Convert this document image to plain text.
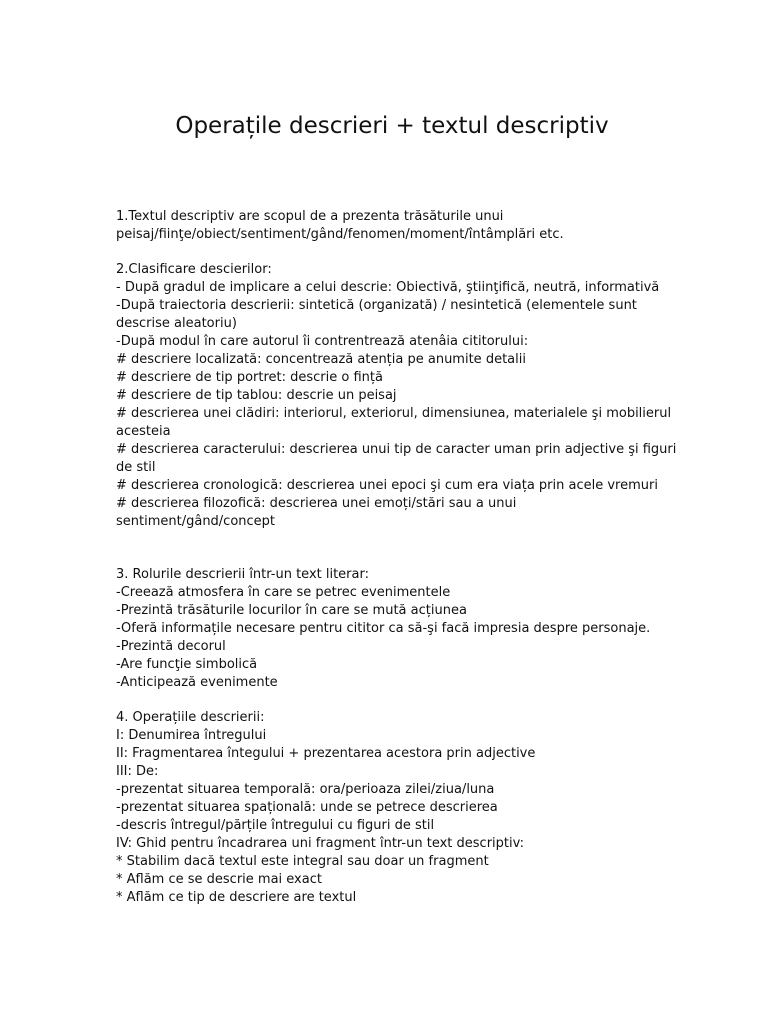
Operațile descrieri + textul descriptiv
1.Textul descriptiv are scopul de a prezenta trăsăturile unui
peisaj/fiinţe/obiect/sentiment/gând/fenomen/moment/întâmplări etc.
2.Clasificare descierilor:
- După gradul de implicare a celui descrie: Obiectivă, ştiinţifică, neutră, informativă
-După traiectoria descrierii: sintetică (organizată) / nesintetică (elementele sunt
descrise aleatoriu)
-După modul în care autorul îi contrentrează atenâia cititorului:
# descriere localizată: concentrează atenția pe anumite detalii
# descriere de tip portret: descrie o fință
# descriere de tip tablou: descrie un peisaj
# descrierea unei clădiri: interiorul, exteriorul, dimensiunea, materialele şi mobilierul
acesteia
# descrierea caracterului: descrierea unui tip de caracter uman prin adjective şi figuri
de stil
# descrierea cronologică: descrierea unei epoci şi cum era viața prin acele vremuri
# descrierea filozofică: descrierea unei emoți/stări sau a unui
sentiment/gând/concept
3. Rolurile descrierii într-un text literar:
-Creează atmosfera în care se petrec evenimentele
-Prezintă trăsăturile locurilor în care se mută acțiunea
-Oferă informațile necesare pentru cititor ca să-şi facă impresia despre personaje.
-Prezintă decorul
-Are funcţie simbolică
-Anticipează evenimente
4. Operațiile descrierii:
I: Denumirea întregului
II: Fragmentarea întegului + prezentarea acestora prin adjective
III: De:
-prezentat situarea temporală: ora/perioaza zilei/ziua/luna
-prezentat situarea spațională: unde se petrece descrierea
-descris întregul/părțile întregului cu figuri de stil
IV: Ghid pentru încadrarea uni fragment într-un text descriptiv:
* Stabilim dacă textul este integral sau doar un fragment
* Aflăm ce se descrie mai exact
* Aflăm ce tip de descriere are textul
